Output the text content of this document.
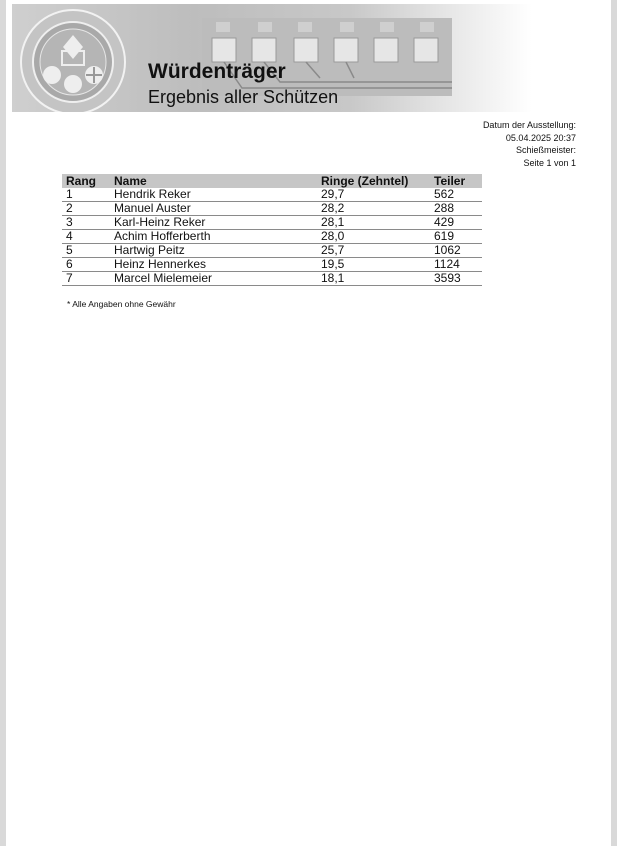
Würdenträger
Ergebnis aller Schützen
Datum der Ausstellung:
05.04.2025 20:37
Schießmeister:
Seite 1 von 1
Rang	Name	Ringe (Zehntel)	Teiler
1	Hendrik Reker	29,7	562
2	Manuel Auster	28,2	288
3	Karl-Heinz Reker	28,1	429
4	Achim Hofferberth	28,0	619
5	Hartwig Peitz	25,7	1062
6	Heinz Hennerkes	19,5	1124
7	Marcel Mielemeier	18,1	3593
* Alle Angaben ohne Gewähr
